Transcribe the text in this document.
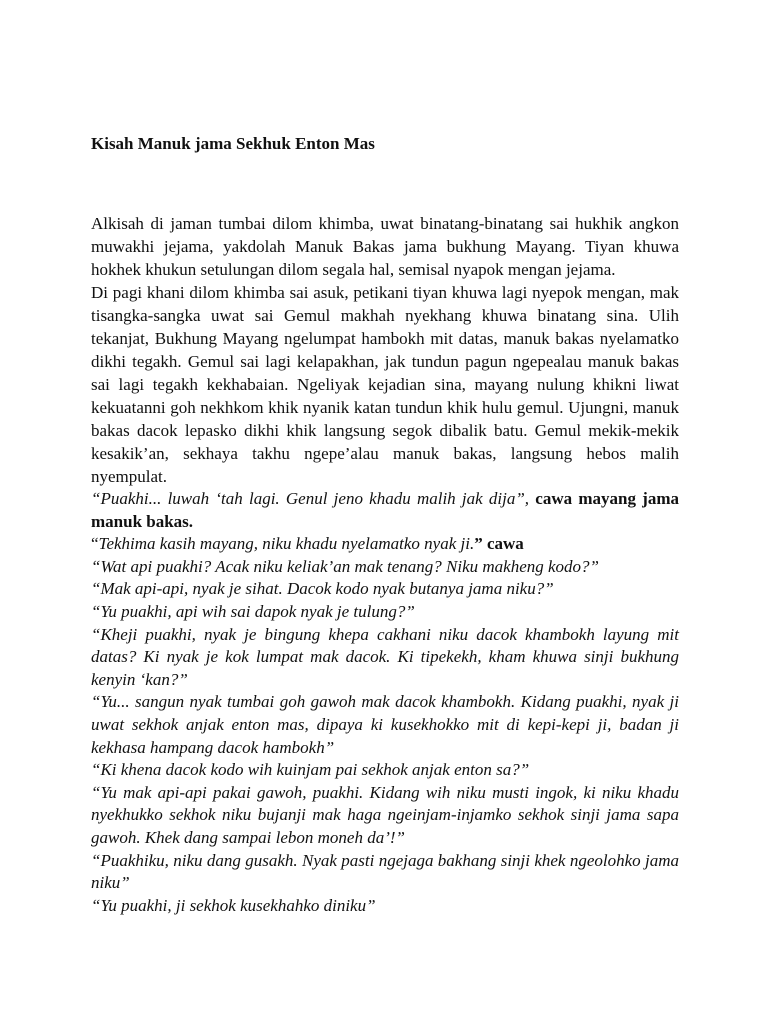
Kisah Manuk jama Sekhuk Enton Mas

Alkisah di jaman tumbai dilom khimba, uwat binatang-binatang sai hukhik angkon muwakhi jejama, yakdolah Manuk Bakas jama bukhung Mayang. Tiyan khuwa hokhek khukun setulungan dilom segala hal, semisal nyapok mengan jejama.

Di pagi khani dilom khimba sai asuk, petikani tiyan khuwa lagi nyepok mengan, mak tisangka-sangka uwat sai Gemul makhah nyekhang khuwa binatang sina. Ulih tekanjat, Bukhung Mayang ngelumpat hambokh mit datas, manuk bakas nyelamatko dikhi tegakh. Gemul sai lagi kelapakhan, jak tundun pagun ngepealau manuk bakas sai lagi tegakh kekhabaian. Ngeliyak kejadian sina, mayang nulung khikni liwat kekuatanni goh nekhkom khik nyanik katan tundun khik hulu gemul. Ujungni, manuk bakas dacok lepasko dikhi khik langsung segok dibalik batu. Gemul mekik-mekik kesakik’an, sekhaya takhu ngepe’alau manuk bakas, langsung hebos malih nyempulat.

“Puakhi... luwah ‘tah lagi. Genul jeno khadu malih jak dija”, cawa mayang jama manuk bakas.

“Tekhima kasih mayang, niku khadu nyelamatko nyak ji.” cawa

“Wat api puakhi? Acak niku keliak’an mak tenang? Niku makheng kodo?”

“Mak api-api, nyak je sihat. Dacok kodo nyak butanya jama niku?”

“Yu puakhi, api wih sai dapok nyak je tulung?”

“Kheji puakhi, nyak je bingung khepa cakhani niku dacok khambokh layung mit datas? Ki nyak je kok lumpat mak dacok. Ki tipekekh, kham khuwa sinji bukhung kenyin ‘kan?”

“Yu... sangun nyak tumbai goh gawoh mak dacok khambokh. Kidang puakhi, nyak ji uwat sekhok anjak enton mas, dipaya ki kusekhokko mit di kepi-kepi ji, badan ji kekhasa hampang dacok hambokh”

“Ki khena dacok kodo wih kuinjam pai sekhok anjak enton sa?”

“Yu mak api-api pakai gawoh, puakhi. Kidang wih niku musti ingok, ki niku khadu nyekhukko sekhok niku bujanji mak haga ngeinjam-injamko sekhok sinji jama sapa gawoh. Khek dang sampai lebon moneh da’!”

“Puakhiku, niku dang gusakh. Nyak pasti ngejaga bakhang sinji khek ngeolohko jama niku”

“Yu puakhi, ji sekhok kusekhahko diniku”
